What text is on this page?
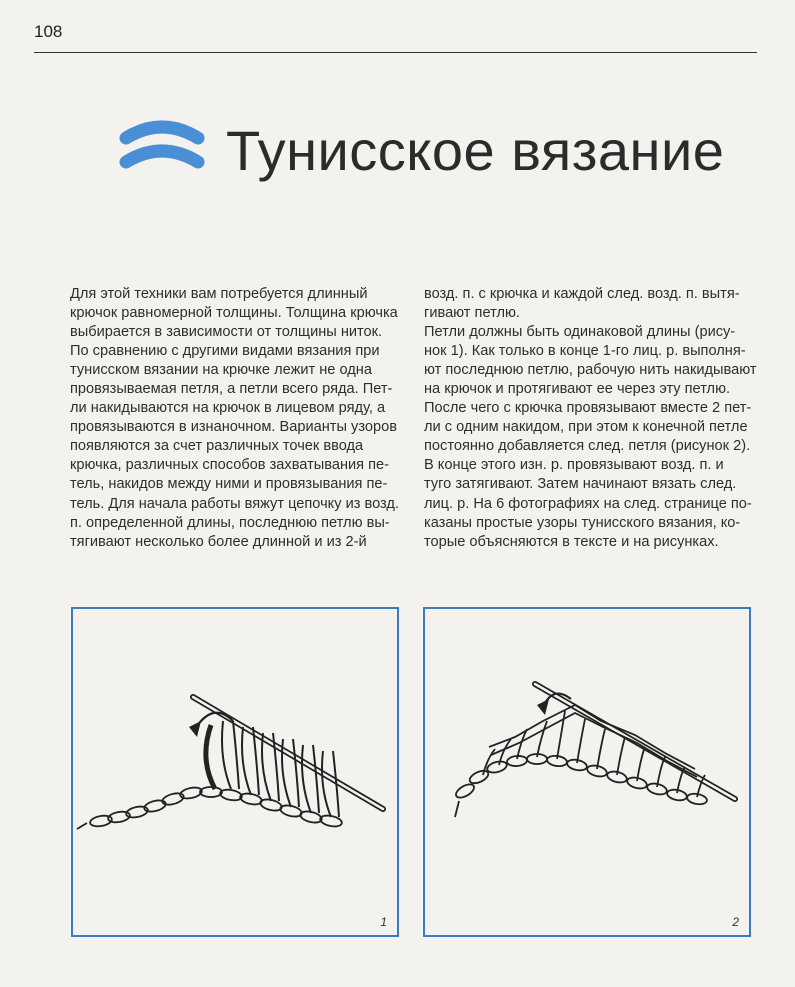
108
Тунисское вязание
Для этой техники вам потребуется длинный
крючок равномерной толщины. Толщина крючка
выбирается в зависимости от толщины ниток.
По сравнению с другими видами вязания при
тунисском вязании на крючке лежит не одна
провязываемая петля, а петли всего ряда. Пет-
ли накидываются на крючок в лицевом ряду, а
провязываются в изнаночном. Варианты узоров
появляются за счет различных точек ввода
крючка, различных способов захватывания пе-
тель, накидов между ними и провязывания пе-
тель. Для начала работы вяжут цепочку из возд.
п. определенной длины, последнюю петлю вы-
тягивают несколько более длинной и из 2-й
возд. п. с крючка и каждой след. возд. п. вытя-
гивают петлю.
Петли должны быть одинаковой длины (рису-
нок 1). Как только в конце 1-го лиц. р. выполня-
ют последнюю петлю, рабочую нить накидывают
на крючок и протягивают ее через эту петлю.
После чего с крючка провязывают вместе 2 пет-
ли с одним накидом, при этом к конечной петле
постоянно добавляется след. петля (рисунок 2).
В конце этого изн. р. провязывают возд. п. и
туго затягивают. Затем начинают вязать след.
лиц. р. На 6 фотографиях на след. странице по-
казаны простые узоры тунисского вязания, ко-
торые объясняются в тексте и на рисунках.
1	2
